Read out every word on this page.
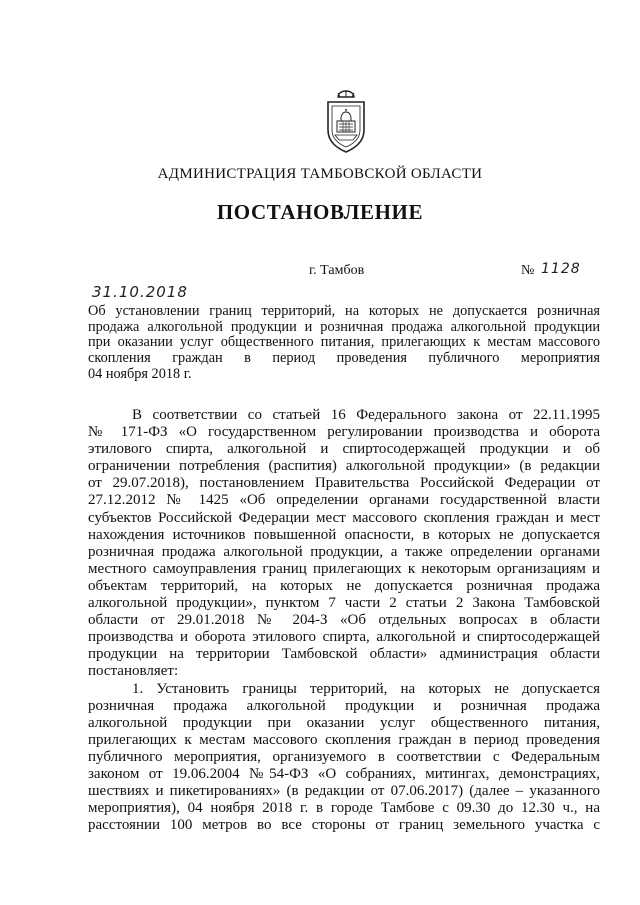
АДМИНИСТРАЦИЯ ТАМБОВСКОЙ ОБЛАСТИ
ПОСТАНОВЛЕНИЕ
г. Тамбов	№ 1128
31.10.2018
Об установлении границ территорий, на которых не допускается розничная
продажа алкогольной продукции и розничная продажа алкогольной продукции
при оказании услуг общественного питания, прилегающих к местам массового
скопления граждан в период проведения публичного мероприятия
04 ноября 2018 г.
В соответствии со статьей 16 Федерального закона от 22.11.1995
№ 171-ФЗ «О государственном регулировании производства и оборота
этилового спирта, алкогольной и спиртосодержащей продукции и об
ограничении потребления (распития) алкогольной продукции» (в редакции
от 29.07.2018), постановлением Правительства Российской Федерации от
27.12.2012 № 1425 «Об определении органами государственной власти
субъектов Российской Федерации мест массового скопления граждан и мест
нахождения источников повышенной опасности, в которых не допускается
розничная продажа алкогольной продукции, а также определении органами
местного самоуправления границ прилегающих к некоторым организациям и
объектам территорий, на которых не допускается розничная продажа
алкогольной продукции», пунктом 7 части 2 статьи 2 Закона Тамбовской
области от 29.01.2018 № 204-З «Об отдельных вопросах в области
производства и оборота этилового спирта, алкогольной и спиртосодержащей
продукции на территории Тамбовской области» администрация области
постановляет:
1. Установить границы территорий, на которых не допускается
розничная продажа алкогольной продукции и розничная продажа
алкогольной продукции при оказании услуг общественного питания,
прилегающих к местам массового скопления граждан в период проведения
публичного мероприятия, организуемого в соответствии с Федеральным
законом от 19.06.2004 №54-ФЗ «О собраниях, митингах, демонстрациях,
шествиях и пикетированиях» (в редакции от 07.06.2017) (далее – указанного
мероприятия), 04 ноября 2018 г. в городе Тамбове с 09.30 до 12.30 ч., на
расстоянии 100 метров во все стороны от границ земельного участка с
